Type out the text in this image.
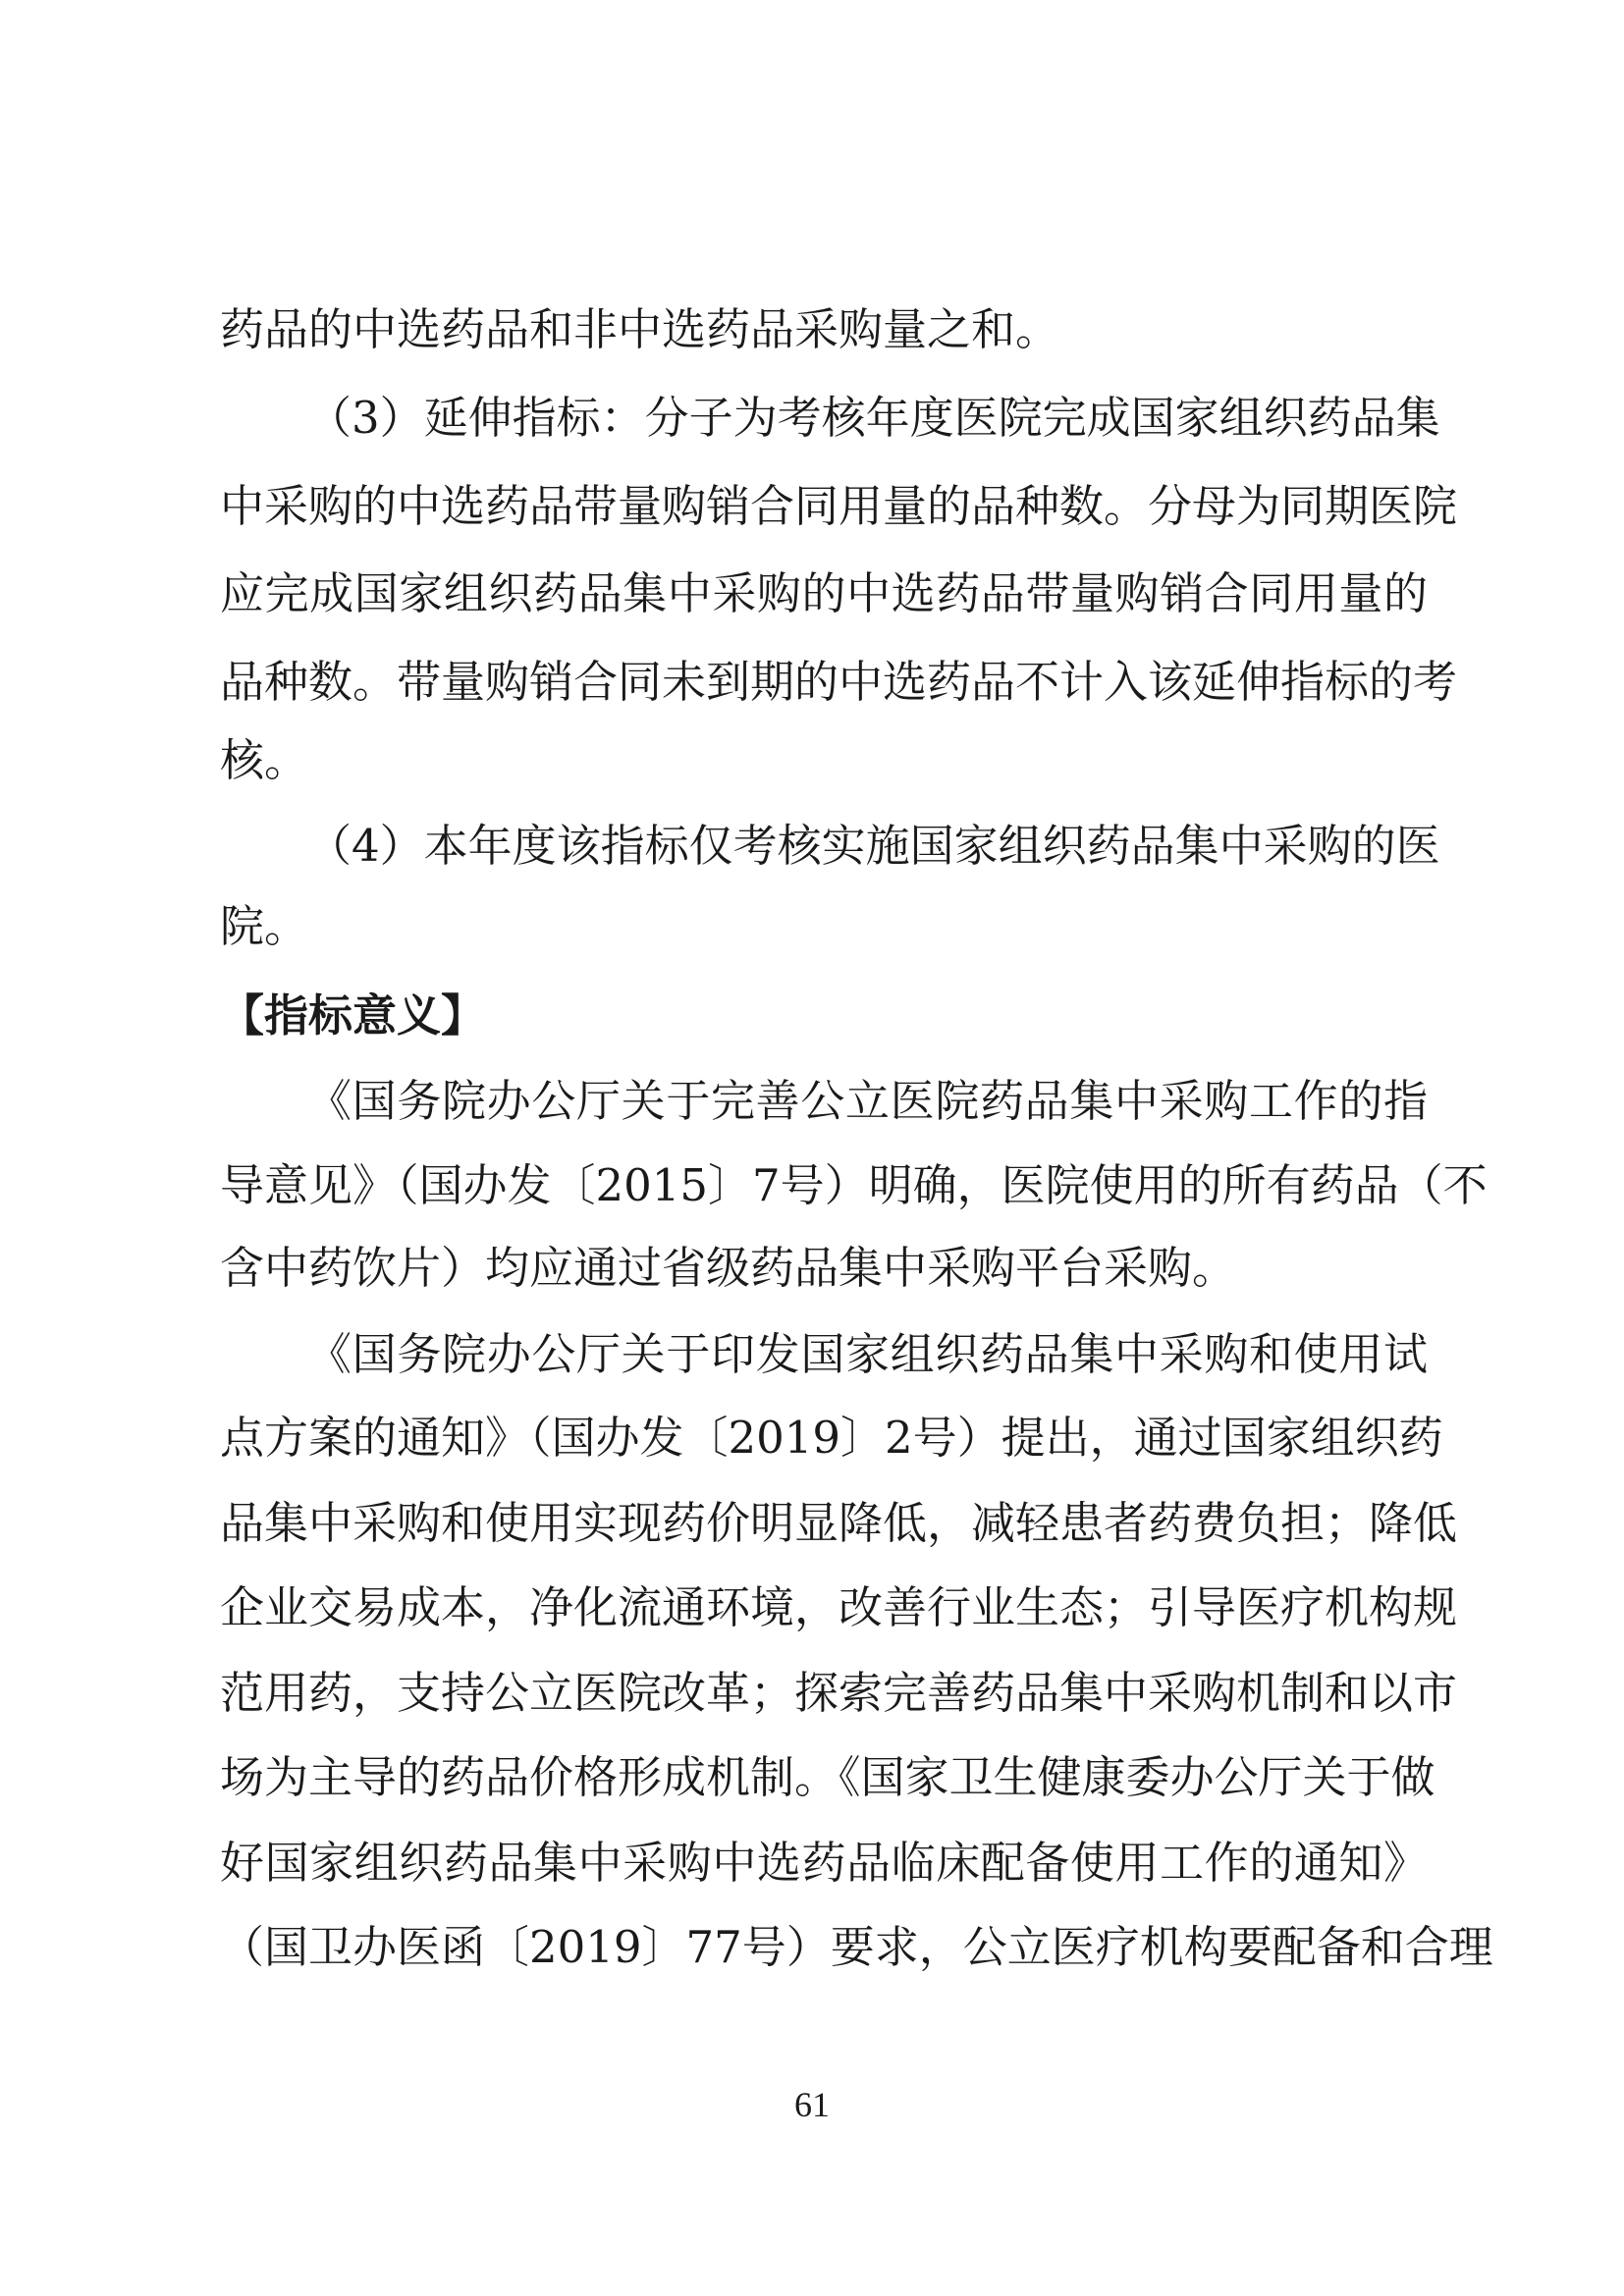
药品的中选药品和非中选药品采购量之和。
（3）延伸指标：分子为考核年度医院完成国家组织药品集
中采购的中选药品带量购销合同用量的品种数。分母为同期医院
应完成国家组织药品集中采购的中选药品带量购销合同用量的
品种数。带量购销合同未到期的中选药品不计入该延伸指标的考
核。
（4）本年度该指标仅考核实施国家组织药品集中采购的医
院。
【指标意义】
《国务院办公厅关于完善公立医院药品集中采购工作的指
导意见》（国办发〔2015〕7号）明确，医院使用的所有药品（不
含中药饮片）均应通过省级药品集中采购平台采购。
《国务院办公厅关于印发国家组织药品集中采购和使用试
点方案的通知》（国办发〔2019〕2号）提出，通过国家组织药
品集中采购和使用实现药价明显降低，减轻患者药费负担；降低
企业交易成本，净化流通环境，改善行业生态；引导医疗机构规
范用药，支持公立医院改革；探索完善药品集中采购机制和以市
场为主导的药品价格形成机制。《国家卫生健康委办公厅关于做
好国家组织药品集中采购中选药品临床配备使用工作的通知》
（国卫办医函〔2019〕77号）要求，公立医疗机构要配备和合理
61
